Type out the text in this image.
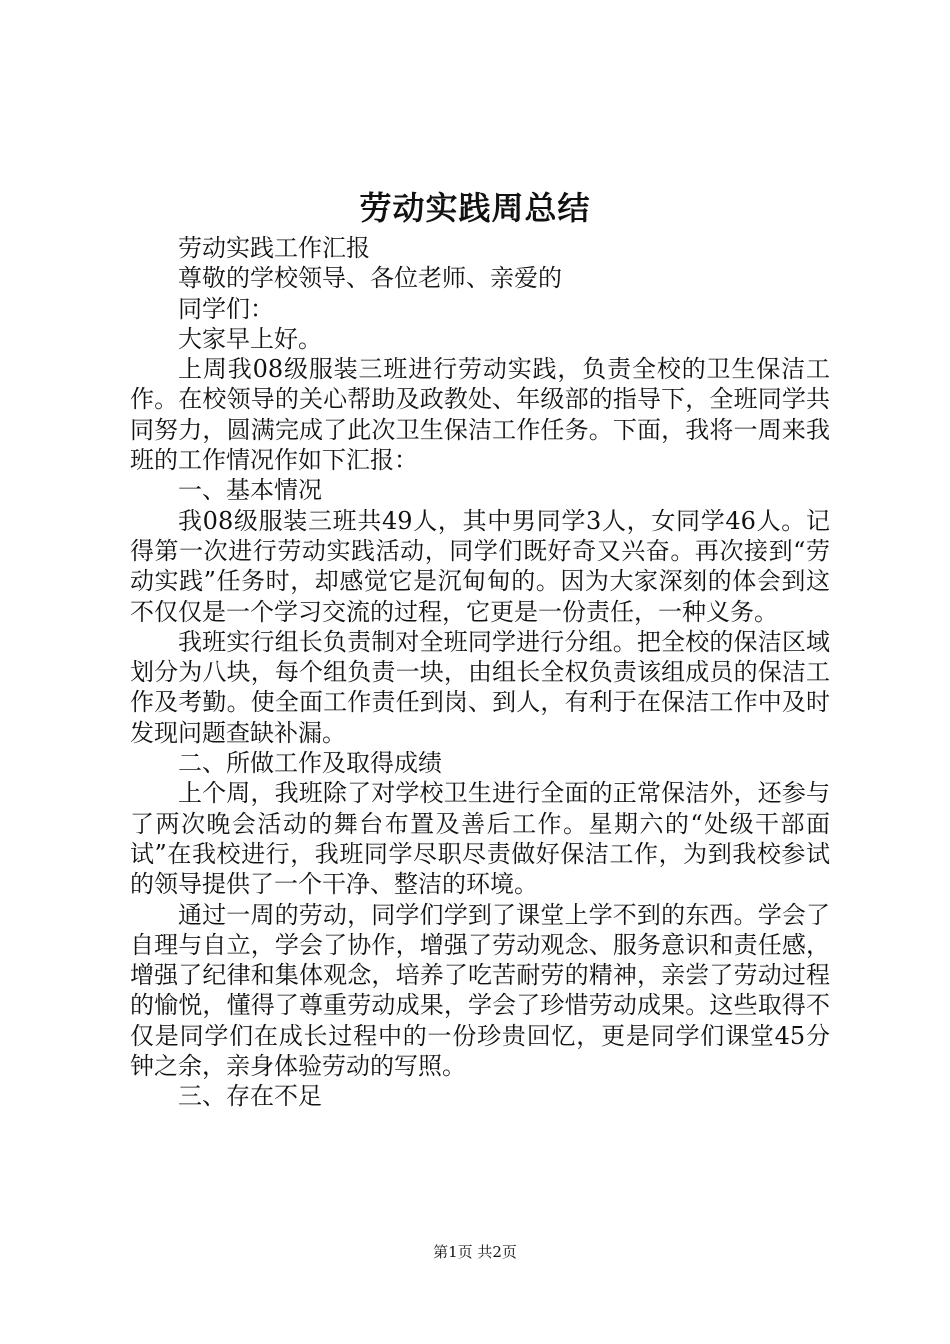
劳动实践周总结

劳动实践工作汇报

尊敬的学校领导、各位老师、亲爱的

同学们：

大家早上好。

上周我08级服装三班进行劳动实践，负责全校的卫生保洁工作。在校领导的关心帮助及政教处、年级部的指导下，全班同学共同努力，圆满完成了此次卫生保洁工作任务。下面，我将一周来我班的工作情况作如下汇报：

一、基本情况

我08级服装三班共49人，其中男同学3人，女同学46人。记得第一次进行劳动实践活动，同学们既好奇又兴奋。再次接到“劳动实践”任务时，却感觉它是沉甸甸的。因为大家深刻的体会到这不仅仅是一个学习交流的过程，它更是一份责任，一种义务。

我班实行组长负责制对全班同学进行分组。把全校的保洁区域划分为八块，每个组负责一块，由组长全权负责该组成员的保洁工作及考勤。使全面工作责任到岗、到人，有利于在保洁工作中及时发现问题查缺补漏。

二、所做工作及取得成绩

上个周，我班除了对学校卫生进行全面的正常保洁外，还参与了两次晚会活动的舞台布置及善后工作。星期六的“处级干部面试”在我校进行，我班同学尽职尽责做好保洁工作，为到我校参试的领导提供了一个干净、整洁的环境。

通过一周的劳动，同学们学到了课堂上学不到的东西。学会了自理与自立，学会了协作，增强了劳动观念、服务意识和责任感，增强了纪律和集体观念，培养了吃苦耐劳的精神，亲尝了劳动过程的愉悦，懂得了尊重劳动成果，学会了珍惜劳动成果。这些取得不仅是同学们在成长过程中的一份珍贵回忆，更是同学们课堂45分钟之余，亲身体验劳动的写照。

三、存在不足

第1页 共2页
